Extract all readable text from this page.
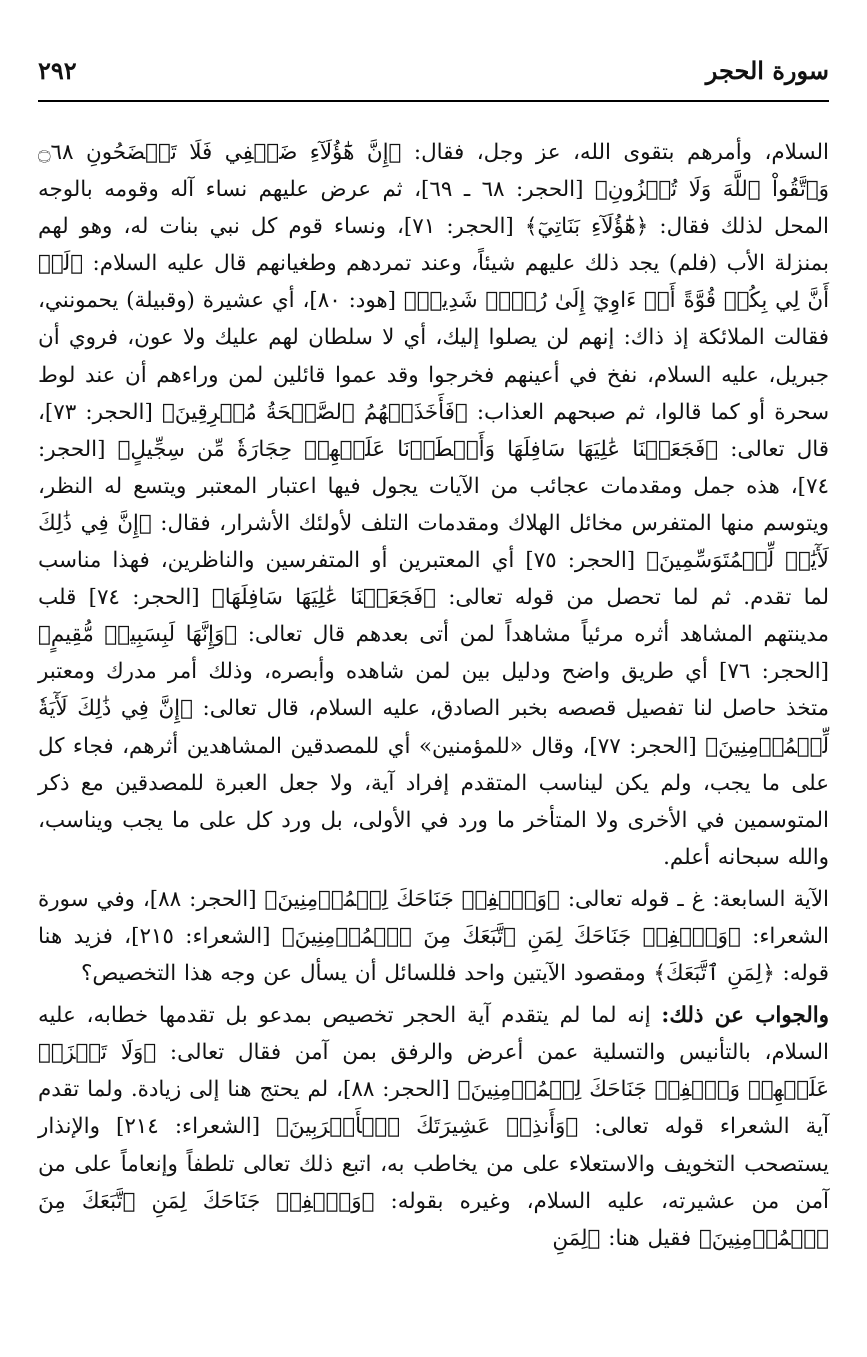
٢٩٢	سورة الحجر

السلام، وأمرهم بتقوى الله، عز وجل، فقال: ﴿إِنَّ هَٰٓؤُلَآءِ ضَيۡفِي فَلَا تَفۡضَحُونِ ۝٦٨ وَٱتَّقُواْ ٱللَّهَ وَلَا تُخۡزُونِ﴾ [الحجر: ٦٨ ـ ٦٩]، ثم عرض عليهم نساء آله وقومه بالوجه المحل لذلك فقال: ﴿هَٰٓؤُلَآءِ بَنَاتِيٓ﴾ [الحجر: ٧١]، ونساء قوم كل نبي بنات له، وهو لهم بمنزلة الأب (فلم) يجد ذلك عليهم شيئاً، وعند تمردهم وطغيانهم قال عليه السلام: ﴿لَوۡ أَنَّ لِي بِكُمۡ قُوَّةً أَوۡ ءَاوِيٓ إِلَىٰ رُكۡنٖ شَدِيدٖ﴾ [هود: ٨٠]، أي عشيرة (وقبيلة) يحمونني، فقالت الملائكة إذ ذاك: إنهم لن يصلوا إليك، أي لا سلطان لهم عليك ولا عون، فروي أن جبريل، عليه السلام، نفخ في أعينهم فخرجوا وقد عموا قائلين لمن وراءهم أن عند لوط سحرة أو كما قالوا، ثم صبحهم العذاب: ﴿فَأَخَذَتۡهُمُ ٱلصَّيۡحَةُ مُشۡرِقِينَ﴾ [الحجر: ٧٣]، قال تعالى: ﴿فَجَعَلۡنَا عَٰلِيَهَا سَافِلَهَا وَأَمۡطَرۡنَا عَلَيۡهِمۡ حِجَارَةٗ مِّن سِجِّيلٍ﴾ [الحجر: ٧٤]، هذه جمل ومقدمات عجائب من الآيات يجول فيها اعتبار المعتبر ويتسع له النظر، ويتوسم منها المتفرس مخائل الهلاك ومقدمات التلف لأولئك الأشرار، فقال: ﴿إِنَّ فِي ذَٰلِكَ لَأٓيَٰتٖ لِّلۡمُتَوَسِّمِينَ﴾ [الحجر: ٧٥] أي المعتبرين أو المتفرسين والناظرين، فهذا مناسب لما تقدم. ثم لما تحصل من قوله تعالى: ﴿فَجَعَلۡنَا عَٰلِيَهَا سَافِلَهَا﴾ [الحجر: ٧٤] قلب مدينتهم المشاهد أثره مرئياً مشاهداً لمن أتى بعدهم قال تعالى: ﴿وَإِنَّهَا لَبِسَبِيلٖ مُّقِيمٍ﴾ [الحجر: ٧٦] أي طريق واضح ودليل بين لمن شاهده وأبصره، وذلك أمر مدرك ومعتبر متخذ حاصل لنا تفصيل قصصه بخبر الصادق، عليه السلام، قال تعالى: ﴿إِنَّ فِي ذَٰلِكَ لَأٓيَةٗ لِّلۡمُؤۡمِنِينَ﴾ [الحجر: ٧٧]، وقال «للمؤمنين» أي للمصدقين المشاهدين أثرهم، فجاء كل على ما يجب، ولم يكن ليناسب المتقدم إفراد آية، ولا جعل العبرة للمصدقين مع ذكر المتوسمين في الأخرى ولا المتأخر ما ورد في الأولى، بل ورد كل على ما يجب ويناسب، والله سبحانه أعلم.

الآية السابعة: غ ـ قوله تعالى: ﴿وَٱخۡفِضۡ جَنَاحَكَ لِلۡمُؤۡمِنِينَ﴾ [الحجر: ٨٨]، وفي سورة الشعراء: ﴿وَٱخۡفِضۡ جَنَاحَكَ لِمَنِ ٱتَّبَعَكَ مِنَ ٱلۡمُؤۡمِنِينَ﴾ [الشعراء: ٢١٥]، فزيد هنا قوله: ﴿لِمَنِ ٱتَّبَعَكَ﴾ ومقصود الآيتين واحد فللسائل أن يسأل عن وجه هذا التخصيص؟

والجواب عن ذلك: إنه لما لم يتقدم آية الحجر تخصيص بمدعو بل تقدمها خطابه، عليه السلام، بالتأنيس والتسلية عمن أعرض والرفق بمن آمن فقال تعالى: ﴿وَلَا تَحۡزَنۡ عَلَيۡهِمۡ وَٱخۡفِضۡ جَنَاحَكَ لِلۡمُؤۡمِنِينَ﴾ [الحجر: ٨٨]، لم يحتج هنا إلى زيادة. ولما تقدم آية الشعراء قوله تعالى: ﴿وَأَنذِرۡ عَشِيرَتَكَ ٱلۡأَقۡرَبِينَ﴾ [الشعراء: ٢١٤] والإنذار يستصحب التخويف والاستعلاء على من يخاطب به، اتبع ذلك تعالى تلطفاً وإنعاماً على من آمن من عشيرته، عليه السلام، وغيره بقوله: ﴿وَٱخۡفِضۡ جَنَاحَكَ لِمَنِ ٱتَّبَعَكَ مِنَ ٱلۡمُؤۡمِنِينَ﴾ فقيل هنا: ﴿لِمَنِ
